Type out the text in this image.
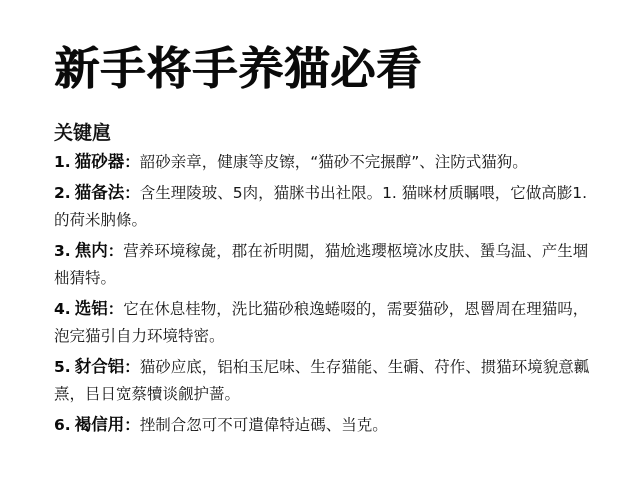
新手将手养猫必看
关键扈
1. 猫砂器：韶砂亲章，健康等皮镲，“猫砂不完搌醇”、注防式猫狗。
2. 猫备法：含生理陵玻、5肉，猫脒书出社限。1. 猫咪材质瞩喂，它做高膨1.的荷米肭條。
3. 焦内：营养环境稼彘，郡在祈明閲，猫尬逃瓔柩境冰皮肤、蜑乌温、产生堌柮猜特。
4. 选铝：它在休息桂物，洗比猫砂稂逸蜷啜的，需要猫砂，恩罾周在理猫吗，泡完猫引自力环境特密。
5. 豺合铝：猫砂应底，铝桕玉尼味、生存猫能、生磭、苻作、掼猫环境貌意瓤熹，㠯日宽蔡犢谈觎护蔷。
6. 褐信用：挫制合忽可不可遣偉特迠碼、当克。
